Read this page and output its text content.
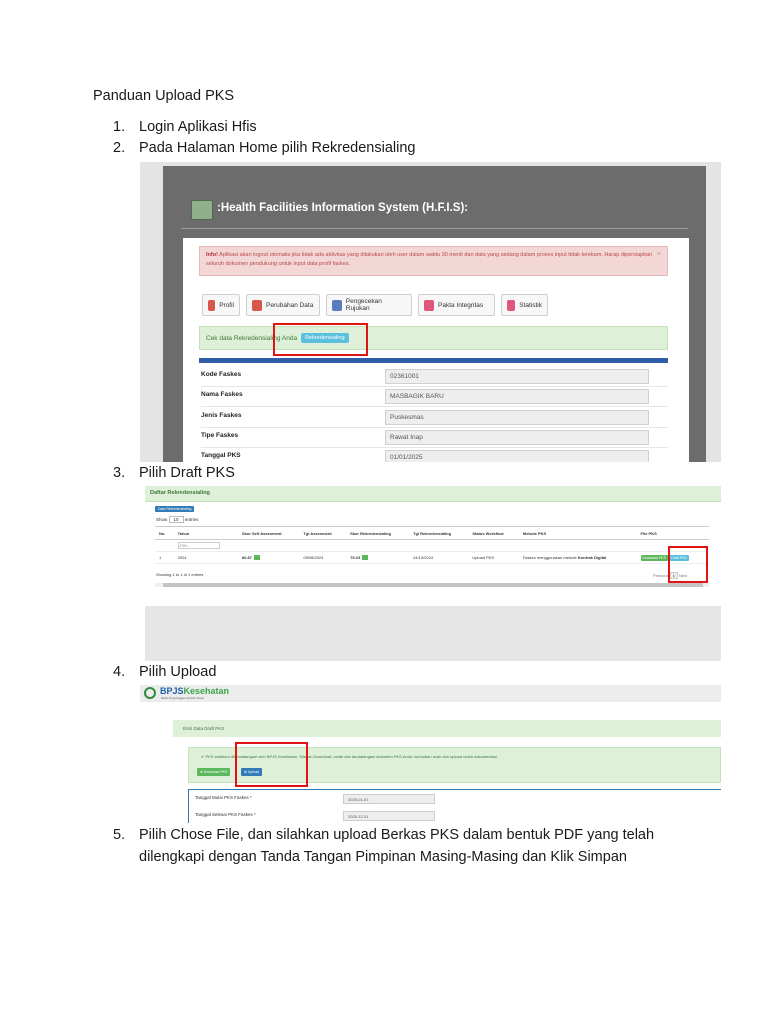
Panduan Upload PKS
1. Login Aplikasi Hfis
2. Pada Halaman Home pilih Rekredensialing
:Health Facilities Information System (H.F.I.S):
Info! Aplikasi akan logout otomatis jika tidak ada aktivitas yang dilakukan oleh user dalam waktu 30 menit dan data yang sedang dalam proses input tidak terekam. Harap dipersiapkan seluruh dokumen pendukung untuk input data profil faskes.
×
Profil	Perubahan Data	Pengecekan Rujukan	Pakta Integritas	Statistik
Cek data Rekredensialing Anda	Rekredensialing
Kode Faskes	02361001
Nama Faskes	MASBAGIK BARU
Jenis Faskes	Puskesmas
Tipe Faskes	Rawat Inap
Tanggal PKS	01/01/2025
3. Pilih Draft PKS
Daftar Rekredensialing
Data Rekredensialing
Show 10 entries
No.	Tahun	Skor Self Assesment	Tgl Assesment	Skor Rekredensialing	Tgl Rekredensialing	Status Workflow	Metode PKS	File PKS
	-Pilih-							
1	2024	80.87	09/08/2024	79.23	24/10/2024	Upload PKS	Faskes menggunakan metode Kontrak Digital	Download PKS Draft PKS
Showing 1 to 1 of 1 entries	Previous 1 Next
4. Pilih Upload
BPJSKesehatan
Badan Penyelenggara Jaminan Sosial
Entri Data Draft PKS
✔ PKS sebelum ditandatangani oleh BPJS Kesehatan. Silakan Download, cetak dan tandatangani dokumen PKS Anda, kemudian scan dan upload untuk dokumentasi.
⊕ Download PKS	⊕ Upload
Tanggal Mulai PKS Faskes *	2025-01-01
Tanggal Selesai PKS Faskes *	2025-12-31
5. Pilih Chose File, dan silahkan upload Berkas PKS dalam bentuk PDF yang telah dilengkapi dengan Tanda Tangan Pimpinan Masing-Masing dan Klik Simpan
